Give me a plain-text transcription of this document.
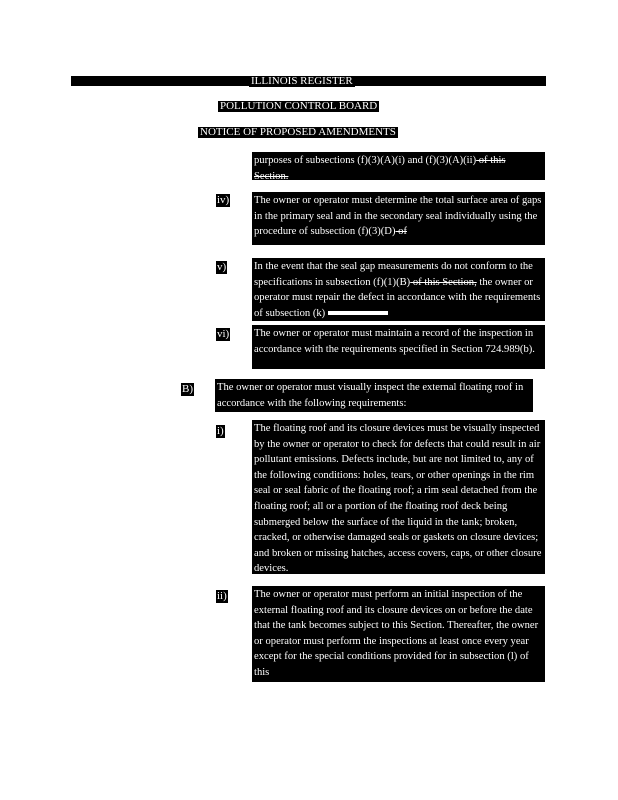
ILLINOIS REGISTER
POLLUTION CONTROL BOARD
NOTICE OF PROPOSED AMENDMENTS

purposes of subsections (f)(3)(A)(i) and (f)(3)(A)(ii) of this
Section.

iv) The owner or operator must determine the total surface area of gaps in the primary seal and in the secondary seal individually using the procedure of subsection (f)(3)(D) of

v)	In the event that the seal gap measurements do not conform to the specifications in subsection (f)(1)(B) of this Section, the owner or operator must repair the defect in accordance with the requirements of subsection (k)

vi) The owner or operator must maintain a record of the inspection in accordance with the requirements specified in Section 724.989(b).

B) The owner or operator must visually inspect the external floating roof in accordance with the following requirements:

i)	The floating roof and its closure devices must be visually inspected by the owner or operator to check for defects that could result in air pollutant emissions. Defects include, but are not limited to, any of the following conditions: holes, tears, or other openings in the rim seal or seal fabric of the floating roof; a rim seal detached from the floating roof; all or a portion of the floating roof deck being submerged below the surface of the liquid in the tank; broken, cracked, or otherwise damaged seals or gaskets on closure devices; and broken or missing hatches, access covers, caps, or other closure devices.

ii)	The owner or operator must perform an initial inspection of the external floating roof and its closure devices on or before the date that the tank becomes subject to this Section. Thereafter, the owner or operator must perform the inspections at least once every year except for the special conditions provided for in subsection (l) of this
